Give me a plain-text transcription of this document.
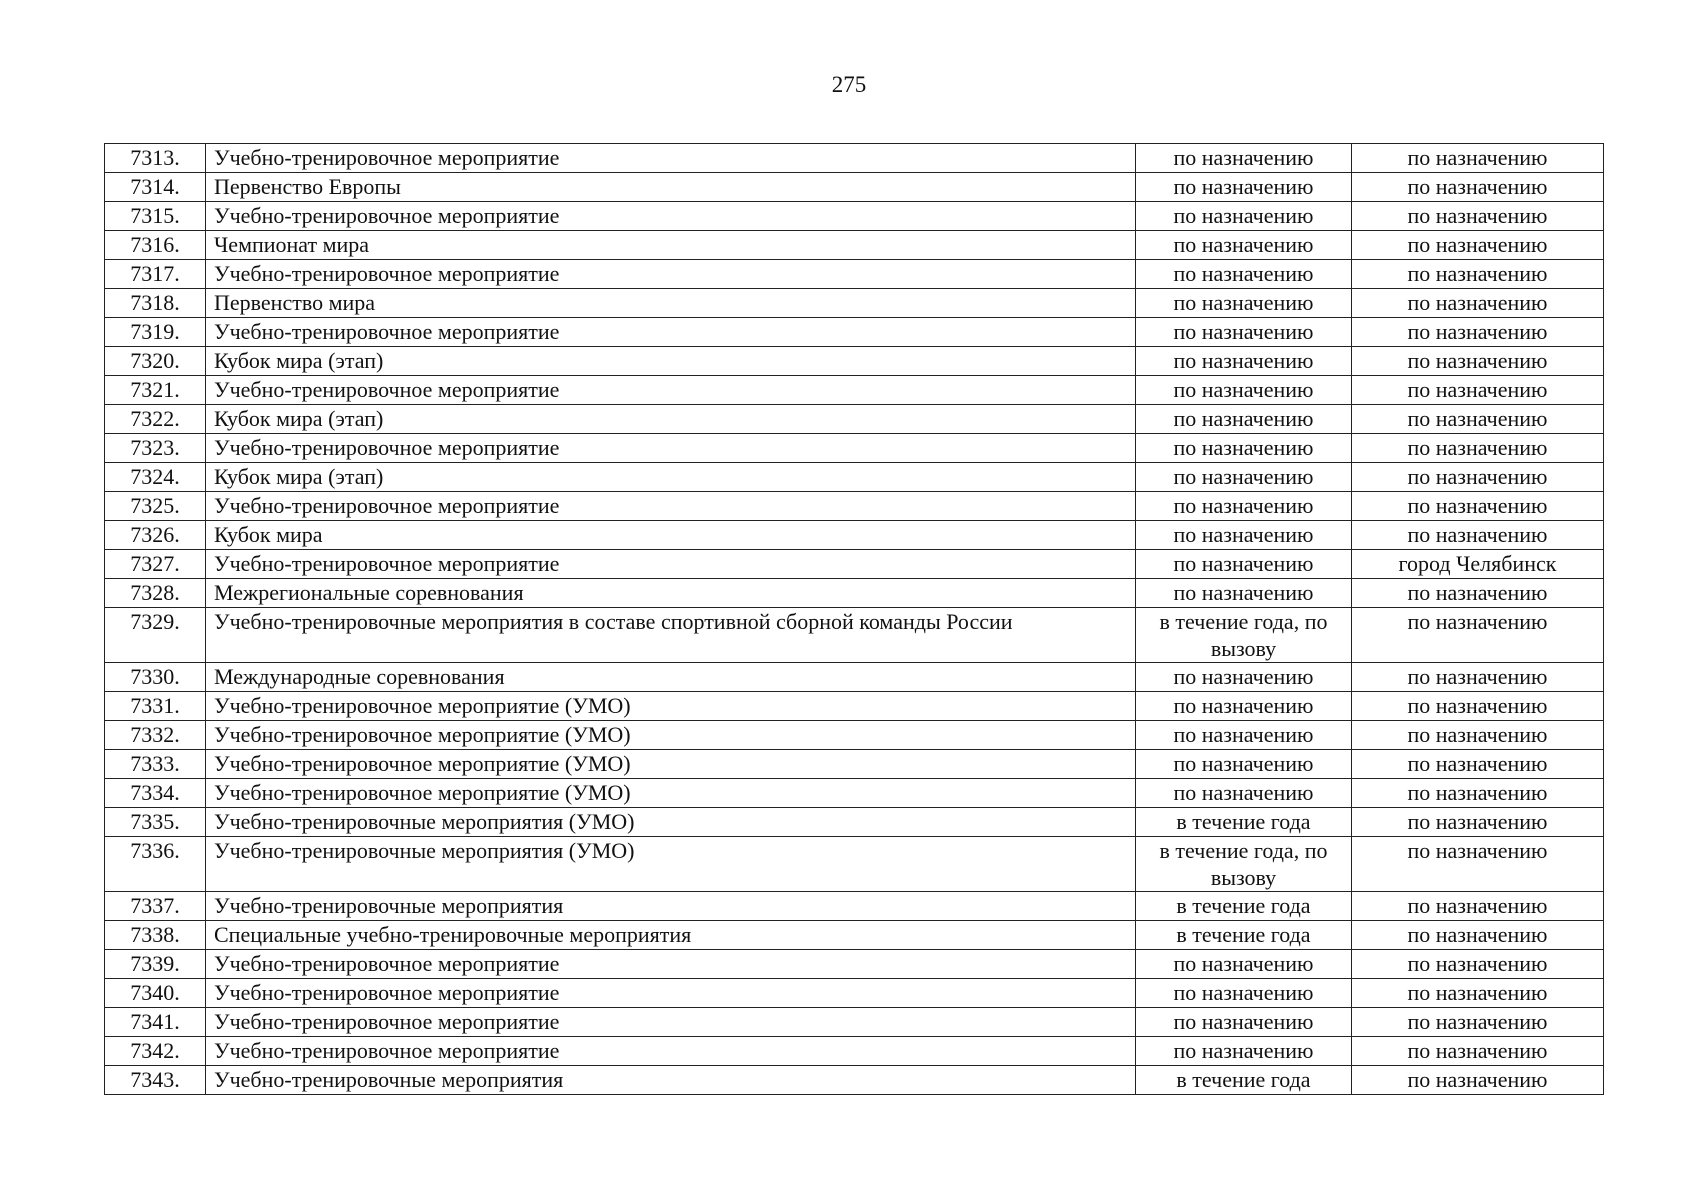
275
7313.	Учебно-тренировочное мероприятие	по назначению	по назначению
7314.	Первенство Европы	по назначению	по назначению
7315.	Учебно-тренировочное мероприятие	по назначению	по назначению
7316.	Чемпионат мира	по назначению	по назначению
7317.	Учебно-тренировочное мероприятие	по назначению	по назначению
7318.	Первенство мира	по назначению	по назначению
7319.	Учебно-тренировочное мероприятие	по назначению	по назначению
7320.	Кубок мира (этап)	по назначению	по назначению
7321.	Учебно-тренировочное мероприятие	по назначению	по назначению
7322.	Кубок мира (этап)	по назначению	по назначению
7323.	Учебно-тренировочное мероприятие	по назначению	по назначению
7324.	Кубок мира (этап)	по назначению	по назначению
7325.	Учебно-тренировочное мероприятие	по назначению	по назначению
7326.	Кубок мира	по назначению	по назначению
7327.	Учебно-тренировочное мероприятие	по назначению	город Челябинск
7328.	Межрегиональные соревнования	по назначению	по назначению
7329.	Учебно-тренировочные мероприятия в составе спортивной сборной команды России	в течение года, по вызову	по назначению
7330.	Международные соревнования	по назначению	по назначению
7331.	Учебно-тренировочное мероприятие (УМО)	по назначению	по назначению
7332.	Учебно-тренировочное мероприятие (УМО)	по назначению	по назначению
7333.	Учебно-тренировочное мероприятие (УМО)	по назначению	по назначению
7334.	Учебно-тренировочное мероприятие (УМО)	по назначению	по назначению
7335.	Учебно-тренировочные мероприятия (УМО)	в течение года	по назначению
7336.	Учебно-тренировочные мероприятия (УМО)	в течение года, по вызову	по назначению
7337.	Учебно-тренировочные мероприятия	в течение года	по назначению
7338.	Специальные учебно-тренировочные мероприятия	в течение года	по назначению
7339.	Учебно-тренировочное мероприятие	по назначению	по назначению
7340.	Учебно-тренировочное мероприятие	по назначению	по назначению
7341.	Учебно-тренировочное мероприятие	по назначению	по назначению
7342.	Учебно-тренировочное мероприятие	по назначению	по назначению
7343.	Учебно-тренировочные мероприятия	в течение года	по назначению
